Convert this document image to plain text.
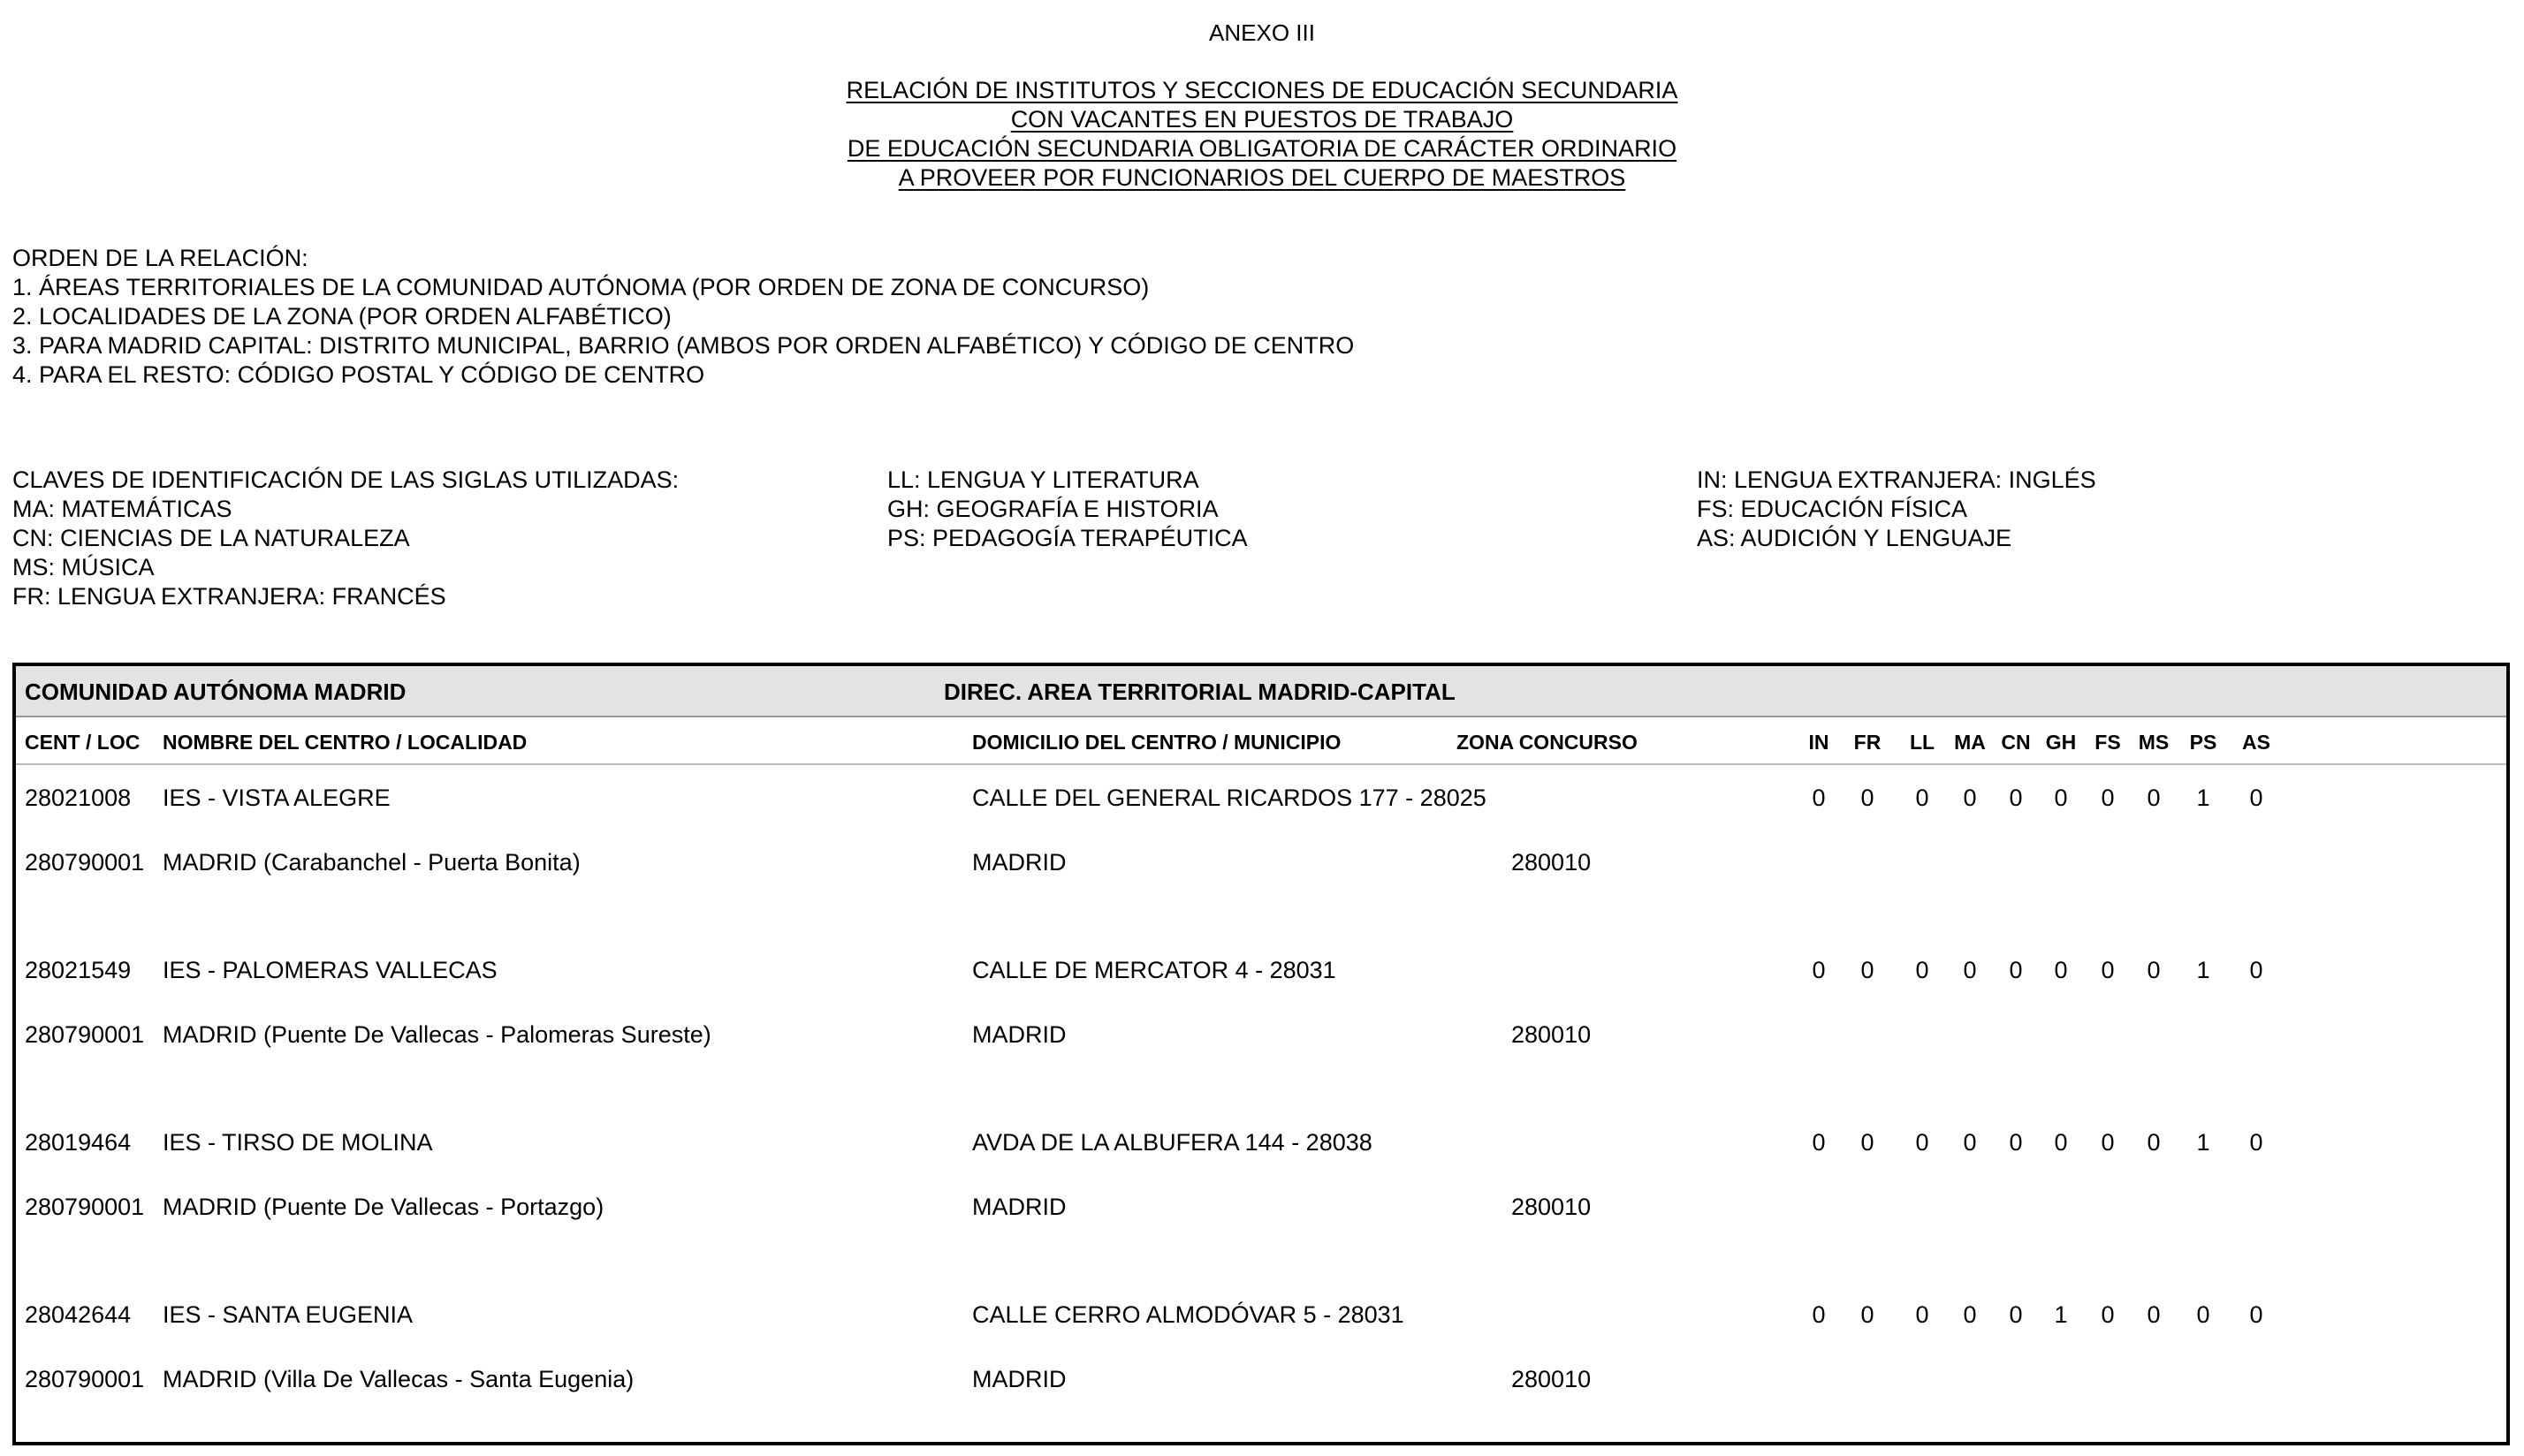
ANEXO III
RELACIÓN DE INSTITUTOS Y SECCIONES DE EDUCACIÓN SECUNDARIA
CON VACANTES EN PUESTOS DE TRABAJO
DE EDUCACIÓN SECUNDARIA OBLIGATORIA DE CARÁCTER ORDINARIO
A PROVEER POR FUNCIONARIOS DEL CUERPO DE MAESTROS
ORDEN DE LA RELACIÓN:
1. ÁREAS TERRITORIALES DE LA COMUNIDAD AUTÓNOMA (POR ORDEN DE ZONA DE CONCURSO)
2. LOCALIDADES DE LA ZONA (POR ORDEN ALFABÉTICO)
3. PARA MADRID CAPITAL: DISTRITO MUNICIPAL, BARRIO (AMBOS POR ORDEN ALFABÉTICO) Y CÓDIGO DE CENTRO
4. PARA EL RESTO: CÓDIGO POSTAL Y CÓDIGO DE CENTRO
CLAVES DE IDENTIFICACIÓN DE LAS SIGLAS UTILIZADAS:
MA: MATEMÁTICAS
CN: CIENCIAS DE LA NATURALEZA
MS: MÚSICA
FR: LENGUA EXTRANJERA: FRANCÉS
LL: LENGUA Y LITERATURA
GH: GEOGRAFÍA E HISTORIA
PS: PEDAGOGÍA TERAPÉUTICA
IN: LENGUA EXTRANJERA: INGLÉS
FS: EDUCACIÓN FÍSICA
AS: AUDICIÓN Y LENGUAJE
COMUNIDAD AUTÓNOMA MADRID	DIREC. AREA TERRITORIAL MADRID-CAPITAL
CENT / LOC NOMBRE DEL CENTRO / LOCALIDAD	DOMICILIO DEL CENTRO / MUNICIPIO	ZONA CONCURSO	IN	FR	LL MA CN GH FS MS PS AS
28021008 IES - VISTA ALEGRE	CALLE DEL GENERAL RICARDOS 177 - 28025	0 0 0 0 0 0 0 0 1 0
280790001 MADRID (Carabanchel - Puerta Bonita)	MADRID	280010
28021549 IES - PALOMERAS VALLECAS	CALLE DE MERCATOR 4 - 28031	0 0 0 0 0 0 0 0 1 0
280790001 MADRID (Puente De Vallecas - Palomeras Sureste)	MADRID	280010
28019464 IES - TIRSO DE MOLINA	AVDA DE LA ALBUFERA 144 - 28038	0 0 0 0 0 0 0 0 1 0
280790001 MADRID (Puente De Vallecas - Portazgo)	MADRID	280010
28042644 IES - SANTA EUGENIA	CALLE CERRO ALMODÓVAR 5 - 28031	0 0 0 0 0 1 0 0 0 0
280790001 MADRID (Villa De Vallecas - Santa Eugenia)	MADRID	280010
